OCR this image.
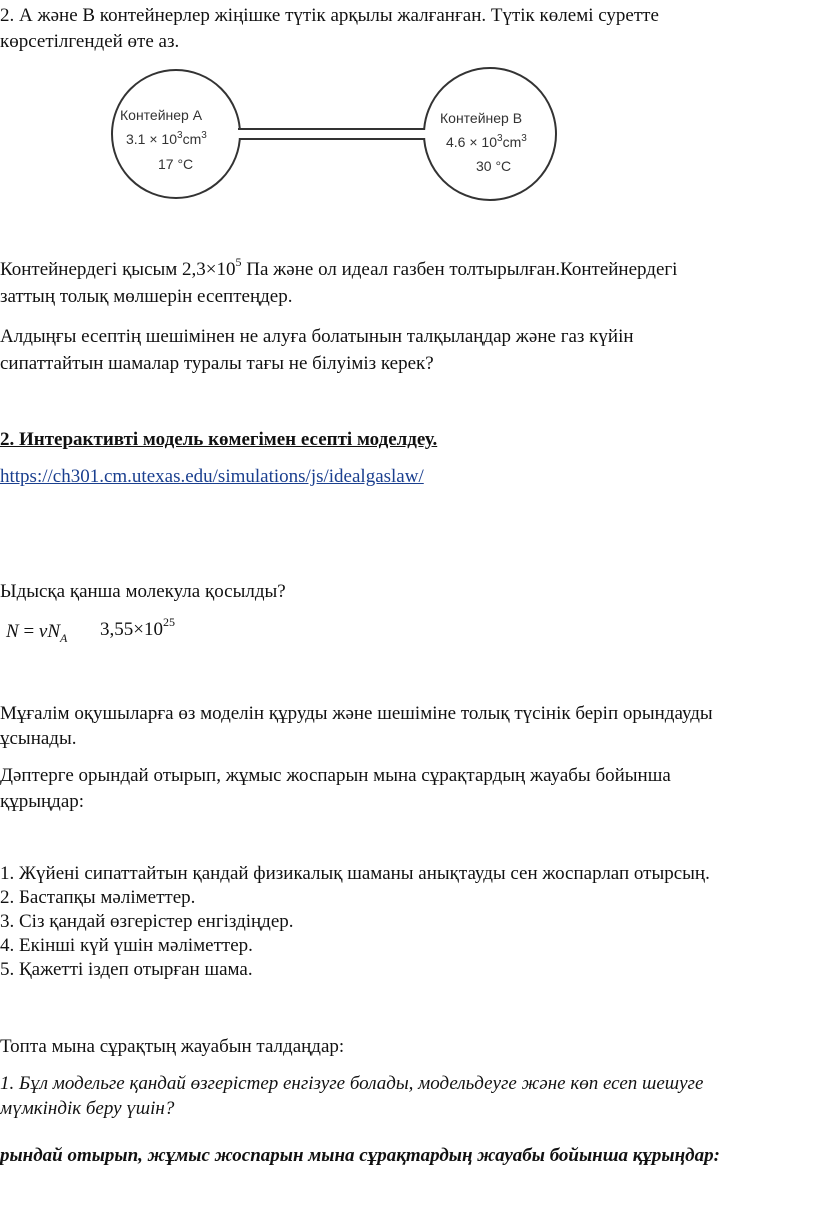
2. А және В контейнерлер жіңішке түтік арқылы жалғанған. Түтік көлемі суретте
көрсетілгендей өте аз.
Контейнер А
$3.1 \times 10^3cm^3$
17 °C
Контейнер В
$4.6 \times 10^3cm^3$
30 °C
Контейнердегі қысым $2,3\times 10^5$ Па және ол идеал газбен толтырылған.Контейнердегі
заттың толық мөлшерін есептеңдер.
Алдыңғы есептің шешімінен не алуға болатынын талқылаңдар және газ күйін
сипаттайтын шамалар туралы тағы не білуіміз керек?
2. Интерактивті модель көмегімен есепті моделдеу.
https://ch301.cm.utexas.edu/simulations/js/idealgaslaw/
Ыдысқа қанша молекула қосылды?
$N = \nu N_A$ $3,55\times 10^{25}$
Мұғалім оқушыларға өз моделін құруды және шешіміне толық түсінік беріп орындауды
ұсынады.
Дәптерге орындай отырып, жұмыс жоспарын мына сұрақтардың жауабы бойынша
құрыңдар:
1. Жүйені сипаттайтын қандай физикалық шаманы анықтауды сен жоспарлап отырсың.
2. Бастапқы мәліметтер.
3. Сіз қандай өзгерістер енгіздіңдер.
4. Екінші күй үшін мәліметтер.
5. Қажетті іздеп отырған шама.
Топта мына сұрақтың жауабын талдаңдар:
1. Бұл модельге қандай өзгерістер енгізуге болады, модельдеуге және көп есеп шешуге
мүмкіндік беру үшін?
рындай отырып, жұмыс жоспарын мына сұрақтардың жауабы бойынша құрыңдар:
